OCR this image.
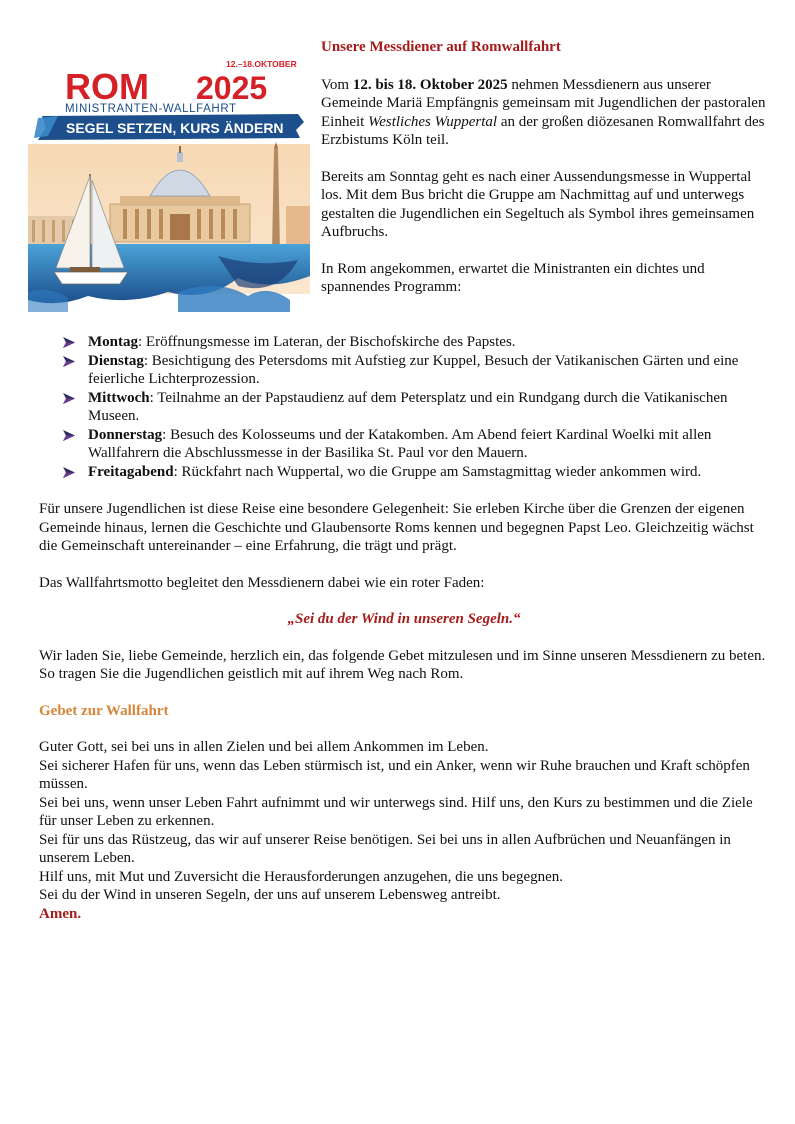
12.–18.OKTOBER
ROM 2025
MINISTRANTEN-WALLFAHRT
SEGEL SETZEN, KURS ÄNDERN
Unsere Messdiener auf Romwallfahrt

Vom 12. bis 18. Oktober 2025 nehmen Messdienern aus unserer Gemeinde Mariä Empfängnis gemeinsam mit Jugendlichen der pastoralen Einheit Westliches Wuppertal an der großen diözesanen Romwallfahrt des Erzbistums Köln teil.

Bereits am Sonntag geht es nach einer Aussendungsmesse in Wuppertal los. Mit dem Bus bricht die Gruppe am Nachmittag auf und unterwegs gestalten die Jugendlichen ein Segeltuch als Symbol ihres gemeinsamen Aufbruchs.

In Rom angekommen, erwartet die Ministranten ein dichtes und spannendes Programm:

Montag: Eröffnungsmesse im Lateran, der Bischofskirche des Papstes.
Dienstag: Besichtigung des Petersdoms mit Aufstieg zur Kuppel, Besuch der Vatikanischen Gärten und eine feierliche Lichterprozession.
Mittwoch: Teilnahme an der Papstaudienz auf dem Petersplatz und ein Rundgang durch die Vatikanischen Museen.
Donnerstag: Besuch des Kolosseums und der Katakomben. Am Abend feiert Kardinal Woelki mit allen Wallfahrern die Abschlussmesse in der Basilika St. Paul vor den Mauern.
Freitagabend: Rückfahrt nach Wuppertal, wo die Gruppe am Samstagmittag wieder ankommen wird.

Für unsere Jugendlichen ist diese Reise eine besondere Gelegenheit: Sie erleben Kirche über die Grenzen der eigenen Gemeinde hinaus, lernen die Geschichte und Glaubensorte Roms kennen und begegnen Papst Leo. Gleichzeitig wächst die Gemeinschaft untereinander – eine Erfahrung, die trägt und prägt.

Das Wallfahrtsmotto begleitet den Messdienern dabei wie ein roter Faden:

„Sei du der Wind in unseren Segeln.“

Wir laden Sie, liebe Gemeinde, herzlich ein, das folgende Gebet mitzulesen und im Sinne unseren Messdienern zu beten. So tragen Sie die Jugendlichen geistlich mit auf ihrem Weg nach Rom.

Gebet zur Wallfahrt

Guter Gott, sei bei uns in allen Zielen und bei allem Ankommen im Leben.

Sei sicherer Hafen für uns, wenn das Leben stürmisch ist, und ein Anker, wenn wir Ruhe brauchen und Kraft schöpfen müssen.

Sei bei uns, wenn unser Leben Fahrt aufnimmt und wir unterwegs sind. Hilf uns, den Kurs zu bestimmen und die Ziele für unser Leben zu erkennen.

Sei für uns das Rüstzeug, das wir auf unserer Reise benötigen. Sei bei uns in allen Aufbrüchen und Neuanfängen in unserem Leben.

Hilf uns, mit Mut und Zuversicht die Herausforderungen anzugehen, die uns begegnen.

Sei du der Wind in unseren Segeln, der uns auf unserem Lebensweg antreibt.

Amen.
